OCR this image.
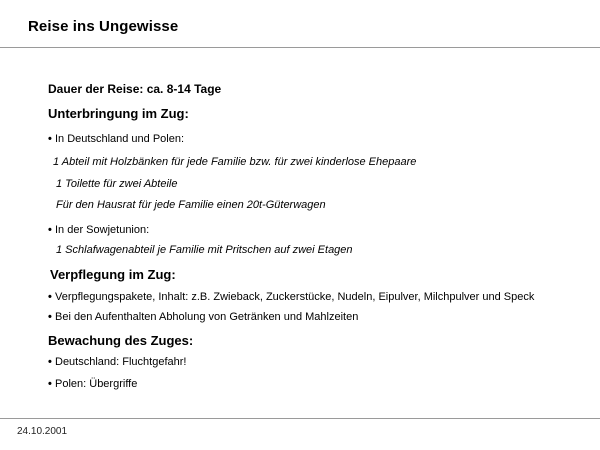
Reise ins Ungewisse
Dauer der Reise: ca. 8-14 Tage
Unterbringung im Zug:
• In Deutschland und Polen:
1 Abteil mit Holzbänken für jede Familie bzw. für zwei kinderlose Ehepaare
1 Toilette für zwei Abteile
Für den Hausrat für jede Familie einen 20t-Güterwagen
• In der Sowjetunion:
1 Schlafwagenabteil je Familie mit Pritschen auf zwei Etagen
Verpflegung im Zug:
• Verpflegungspakete, Inhalt: z.B. Zwieback, Zuckerstücke, Nudeln, Eipulver, Milchpulver und Speck
• Bei den Aufenthalten Abholung von Getränken und Mahlzeiten
Bewachung des Zuges:
• Deutschland: Fluchtgefahr!
• Polen: Übergriffe
24.10.2001
